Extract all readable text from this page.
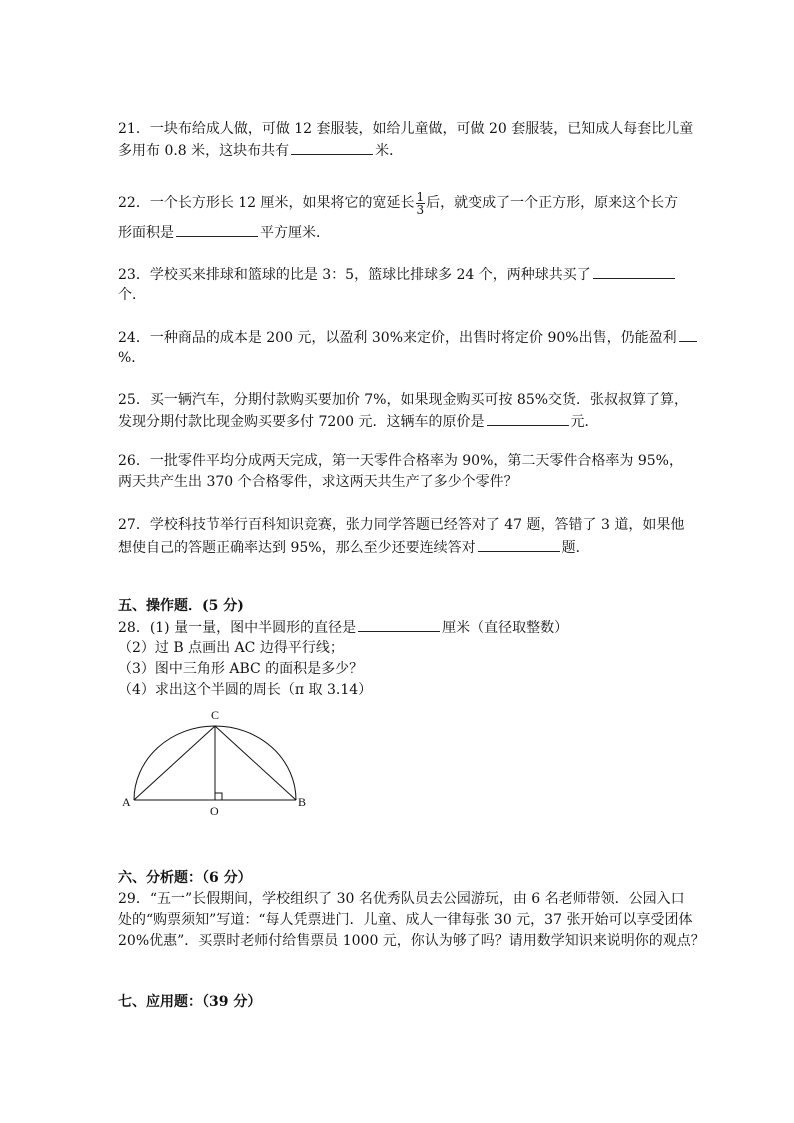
21．一块布给成人做，可做 12 套服装，如给儿童做，可做 20 套服装，已知成人每套比儿童
多用布 0.8 米，这块布共有	米．
22．一个长方形长 12 厘米，如果将它的宽延长 $\frac{1}{3}$ 后，就变成了一个正方形，原来这个长方
形面积是	平方厘米．
23．学校买来排球和篮球的比是 3：5，篮球比排球多 24 个，两种球共买了
个．
24．一种商品的成本是 200 元，以盈利 30%来定价，出售时将定价 90%出售，仍能盈利
%．
25．买一辆汽车，分期付款购买要加价 7%，如果现金购买可按 85%交货．张叔叔算了算，
发现分期付款比现金购买要多付 7200 元．这辆车的原价是	元．
26．一批零件平均分成两天完成，第一天零件合格率为 90%，第二天零件合格率为 95%，
两天共产生出 370 个合格零件，求这两天共生产了多少个零件？
27．学校科技节举行百科知识竞赛，张力同学答题已经答对了 47 题，答错了 3 道，如果他
想使自己的答题正确率达到 95%，那么至少还要连续答对	题．
五、操作题．(5 分)
28．(1) 量一量，图中半圆形的直径是	厘米（直径取整数）
（2）过 B 点画出 AC 边得平行线；
（3）图中三角形 ABC 的面积是多少？
（4）求出这个半圆的周长（π 取 3.14）
C
A	B
O
六、分析题：（6 分）
29．“五一”长假期间，学校组织了 30 名优秀队员去公园游玩，由 6 名老师带领．公园入口
处的“购票须知”写道：“每人凭票进门．儿童、成人一律每张 30 元，37 张开始可以享受团体
20%优惠”．买票时老师付给售票员 1000 元，你认为够了吗？请用数学知识来说明你的观点？
七、应用题：（39 分）
